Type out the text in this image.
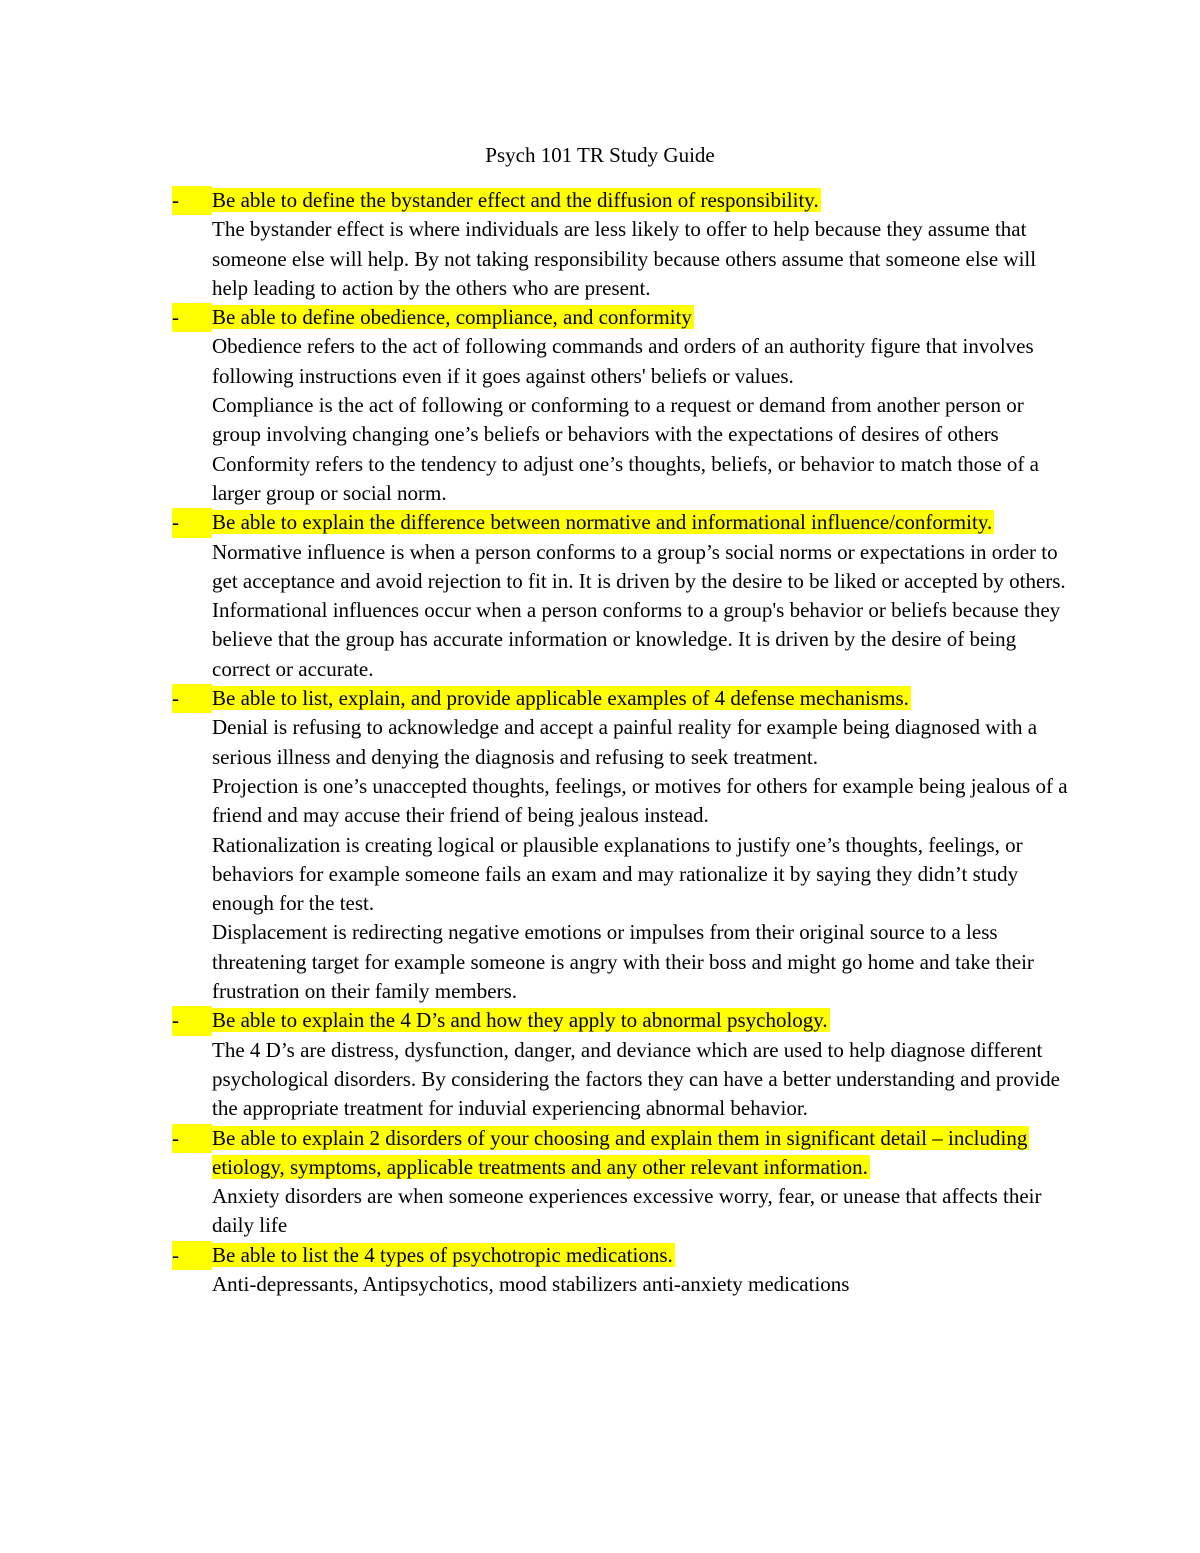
Psych 101 TR Study Guide
-	Be able to define the bystander effect and the diffusion of responsibility.

The bystander effect is where individuals are less likely to offer to help because they assume that someone else will help. By not taking responsibility because others assume that someone else will help leading to action by the others who are present.

-	Be able to define obedience, compliance, and conformity

Obedience refers to the act of following commands and orders of an authority figure that involves following instructions even if it goes against others' beliefs or values.

Compliance is the act of following or conforming to a request or demand from another person or group involving changing one’s beliefs or behaviors with the expectations of desires of others

Conformity refers to the tendency to adjust one’s thoughts, beliefs, or behavior to match those of a larger group or social norm.

-	Be able to explain the difference between normative and informational influence/conformity.

Normative influence is when a person conforms to a group’s social norms or expectations in order to get acceptance and avoid rejection to fit in. It is driven by the desire to be liked or accepted by others.

Informational influences occur when a person conforms to a group's behavior or beliefs because they believe that the group has accurate information or knowledge. It is driven by the desire of being correct or accurate.

-	Be able to list, explain, and provide applicable examples of 4 defense mechanisms.

Denial is refusing to acknowledge and accept a painful reality for example being diagnosed with a serious illness and denying the diagnosis and refusing to seek treatment.

Projection is one’s unaccepted thoughts, feelings, or motives for others for example being jealous of a friend and may accuse their friend of being jealous instead.

Rationalization is creating logical or plausible explanations to justify one’s thoughts, feelings, or behaviors for example someone fails an exam and may rationalize it by saying they didn’t study enough for the test.

Displacement is redirecting negative emotions or impulses from their original source to a less threatening target for example someone is angry with their boss and might go home and take their frustration on their family members.

-	Be able to explain the 4 D’s and how they apply to abnormal psychology.

The 4 D’s are distress, dysfunction, danger, and deviance which are used to help diagnose different psychological disorders. By considering the factors they can have a better understanding and provide the appropriate treatment for induvial experiencing abnormal behavior.

-	Be able to explain 2 disorders of your choosing and explain them in significant detail – including etiology, symptoms, applicable treatments and any other relevant information.

Anxiety disorders are when someone experiences excessive worry, fear, or unease that affects their daily life

-	Be able to list the 4 types of psychotropic medications.

Anti-depressants, Antipsychotics, mood stabilizers anti-anxiety medications
